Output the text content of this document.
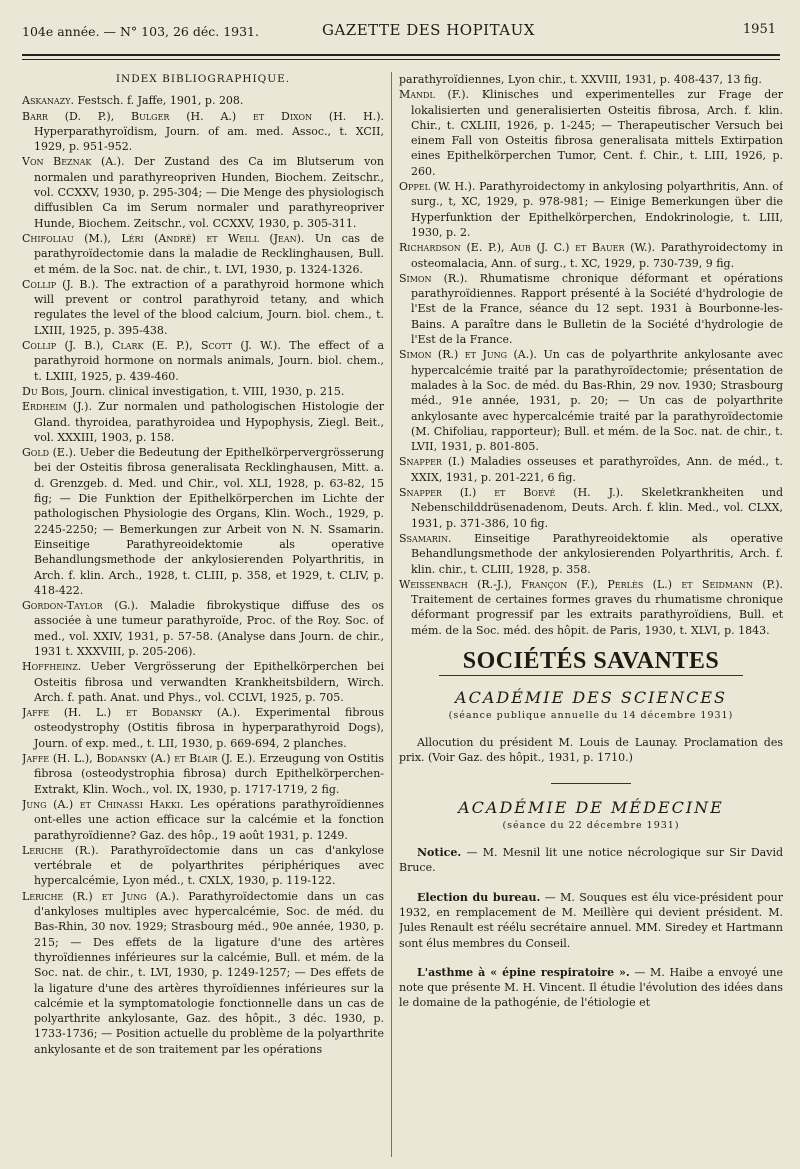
104e année. — N° 103, 26 déc. 1931.	GAZETTE DES HOPITAUX	1951
INDEX BIBLIOGRAPHIQUE.

Askanazy. Festsch. f. Jaffe, 1901, p. 208.

Barr (D. P.), Bulger (H. A.) et Dixon (H. H.). Hyperparathyroïdism, Journ. of am. med. Assoc., t. XCII, 1929, p. 951-952.

Von Beznak (A.). Der Zustand des Ca im Blutserum von normalen und parathyreopriven Hunden, Biochem. Zeitschr., vol. CCXXV, 1930, p. 295-304; — Die Menge des physiologisch diffusiblen Ca im Serum normaler und parathyreopriver Hunde, Biochem. Zeitschr., vol. CCXXV, 1930, p. 305-311.

Chifoliau (M.), Léri (André) et Weill (Jean). Un cas de parathyroïdectomie dans la maladie de Recklinghausen, Bull. et mém. de la Soc. nat. de chir., t. LVI, 1930, p. 1324-1326.

Collip (J. B.). The extraction of a parathyroid hormone which will prevent or control parathyroid tetany, and which regulates the level of the blood calcium, Journ. biol. chem., t. LXIII, 1925, p. 395-438.

Collip (J. B.), Clark (E. P.), Scott (J. W.). The effect of a parathyroid hormone on normals animals, Journ. biol. chem., t. LXIII, 1925, p. 439-460.

Du Bois, Journ. clinical investigation, t. VIII, 1930, p. 215.

Erdheim (J.). Zur normalen und pathologischen Histologie der Gland. thyroidea, parathyroidea und Hypophysis, Ziegl. Beit., vol. XXXIII, 1903, p. 158.

Gold (E.). Ueber die Bedeutung der Epithelkörpervergrösserung bei der Osteitis fibrosa generalisata Recklinghausen, Mitt. a. d. Grenzgeb. d. Med. und Chir., vol. XLI, 1928, p. 63-82, 15 fig; — Die Funktion der Epithelkörperchen im Lichte der pathologischen Physiologie des Organs, Klin. Woch., 1929, p. 2245-2250; — Bemerkungen zur Arbeit von N. N. Ssamarin. Einseitige Parathyreoidektomie als operative Behandlungsmethode der ankylosierenden Polyarthritis, in Arch. f. klin. Arch., 1928, t. CLIII, p. 358, et 1929, t. CLIV, p. 418-422.

Gordon-Taylor (G.). Maladie fibrokystique diffuse des os associée à une tumeur parathyroïde, Proc. of the Roy. Soc. of med., vol. XXIV, 1931, p. 57-58. (Analyse dans Journ. de chir., 1931 t. XXXVIII, p. 205-206).

Hoffheinz. Ueber Vergrösserung der Epithelkörperchen bei Osteitis fibrosa und verwandten Krankheitsbildern, Wirch. Arch. f. path. Anat. und Phys., vol. CCLVI, 1925, p. 705.

Jaffe (H. L.) et Bodansky (A.). Experimental fibrous osteodystrophy (Ostitis fibrosa in hyperparathyroid Dogs), Journ. of exp. med., t. LII, 1930, p. 669-694, 2 planches.

Jaffe (H. L.), Bodansky (A.) et Blair (J. E.). Erzeugung von Ostitis fibrosa (osteodystrophia fibrosa) durch Epithelkörperchen-Extrakt, Klin. Woch., vol. IX, 1930, p. 1717-1719, 2 fig.

Jung (A.) et Chinassi Hakki. Les opérations parathyroïdiennes ont-elles une action efficace sur la calcémie et la fonction parathyroïdienne? Gaz. des hôp., 19 août 1931, p. 1249.

Leriche (R.). Parathyroïdectomie dans un cas d'ankylose vertébrale et de polyarthrites périphériques avec hypercalcémie, Lyon méd., t. CXLX, 1930, p. 119-122.

Leriche (R.) et Jung (A.). Parathyroïdectomie dans un cas d'ankyloses multiples avec hypercalcémie, Soc. de méd. du Bas-Rhin, 30 nov. 1929; Strasbourg méd., 90e année, 1930, p. 215; — Des effets de la ligature d'une des artères thyroïdiennes inférieures sur la calcémie, Bull. et mém. de la Soc. nat. de chir., t. LVI, 1930, p. 1249-1257; — Des effets de la ligature d'une des artères thyroïdiennes inférieures sur la calcémie et la symptomatologie fonctionnelle dans un cas de polyarthrite ankylosante, Gaz. des hôpit., 3 déc. 1930, p. 1733-1736; — Position actuelle du problème de la polyarthrite ankylosante et de son traitement par les opérations

parathyroïdiennes, Lyon chir., t. XXVIII, 1931, p. 408-437, 13 fig.

Mandl (F.). Klinisches und experimentelles zur Frage der lokalisierten und generalisierten Osteitis fibrosa, Arch. f. klin. Chir., t. CXLIII, 1926, p. 1-245; — Therapeutischer Versuch bei einem Fall von Osteitis fibrosa generalisata mittels Extirpation eines Epithelkörperchen Tumor, Cent. f. Chir., t. LIII, 1926, p. 260.

Oppel (W. H.). Parathyroidectomy in ankylosing polyarthritis, Ann. of surg., t, XC, 1929, p. 978-981; — Einige Bemerkungen über die Hyperfunktion der Epithelkörperchen, Endokrinologie, t. LIII, 1930, p. 2.

Richardson (E. P.), Aub (J. C.) et Bauer (W.). Parathyroidectomy in osteomalacia, Ann. of surg., t. XC, 1929, p. 730-739, 9 fig.

Simon (R.). Rhumatisme chronique déformant et opérations parathyroïdiennes. Rapport présenté à la Société d'hydrologie de l'Est de la France, séance du 12 sept. 1931 à Bourbonne-les-Bains. A paraître dans le Bulletin de la Société d'hydrologie de l'Est de la France.

Simon (R.) et Jung (A.). Un cas de polyarthrite ankylosante avec hypercalcémie traité par la parathyroïdectomie; présentation de malades à la Soc. de méd. du Bas-Rhin, 29 nov. 1930; Strasbourg méd., 91e année, 1931, p. 20; — Un cas de polyarthrite ankylosante avec hypercalcémie traité par la parathyroïdectomie (M. Chifoliau, rapporteur); Bull. et mém. de la Soc. nat. de chir., t. LVII, 1931, p. 801-805.

Snapper (I.) Maladies osseuses et parathyroïdes, Ann. de méd., t. XXIX, 1931, p. 201-221, 6 fig.

Snapper (I.) et Boevé (H. J.). Skeletkrankheiten und Nebenschilddrüsenadenom, Deuts. Arch. f. klin. Med., vol. CLXX, 1931, p. 371-386, 10 fig.

Ssamarin. Einseitige Parathyreoidektomie als operative Behandlungsmethode der ankylosierenden Polyarthritis, Arch. f. klin. chir., t. CLIII, 1928, p. 358.

Weissenbach (R.-J.), Françon (F.), Perlès (L.) et Seidmann (P.). Traitement de certaines formes graves du rhumatisme chronique déformant progressif par les extraits parathyroïdiens, Bull. et mém. de la Soc. méd. des hôpit. de Paris, 1930, t. XLVI, p. 1843.

SOCIÉTÉS SAVANTES
ACADÉMIE DES SCIENCES
(séance publique annuelle du 14 décembre 1931)

Allocution du président M. Louis de Launay. Proclamation des prix. (Voir Gaz. des hôpit., 1931, p. 1710.)

ACADÉMIE DE MÉDECINE
(séance du 22 décembre 1931)

Notice. — M. Mesnil lit une notice nécrologique sur Sir David Bruce.

Election du bureau. — M. Souques est élu vice-président pour 1932, en remplacement de M. Meillère qui devient président. M. Jules Renault est réélu secrétaire annuel. MM. Siredey et Hartmann sont élus membres du Conseil.

L'asthme à « épine respiratoire ». — M. Haibe a envoyé une note que présente M. H. Vincent. Il étudie l'évolution des idées dans le domaine de la pathogénie, de l'étiologie et
